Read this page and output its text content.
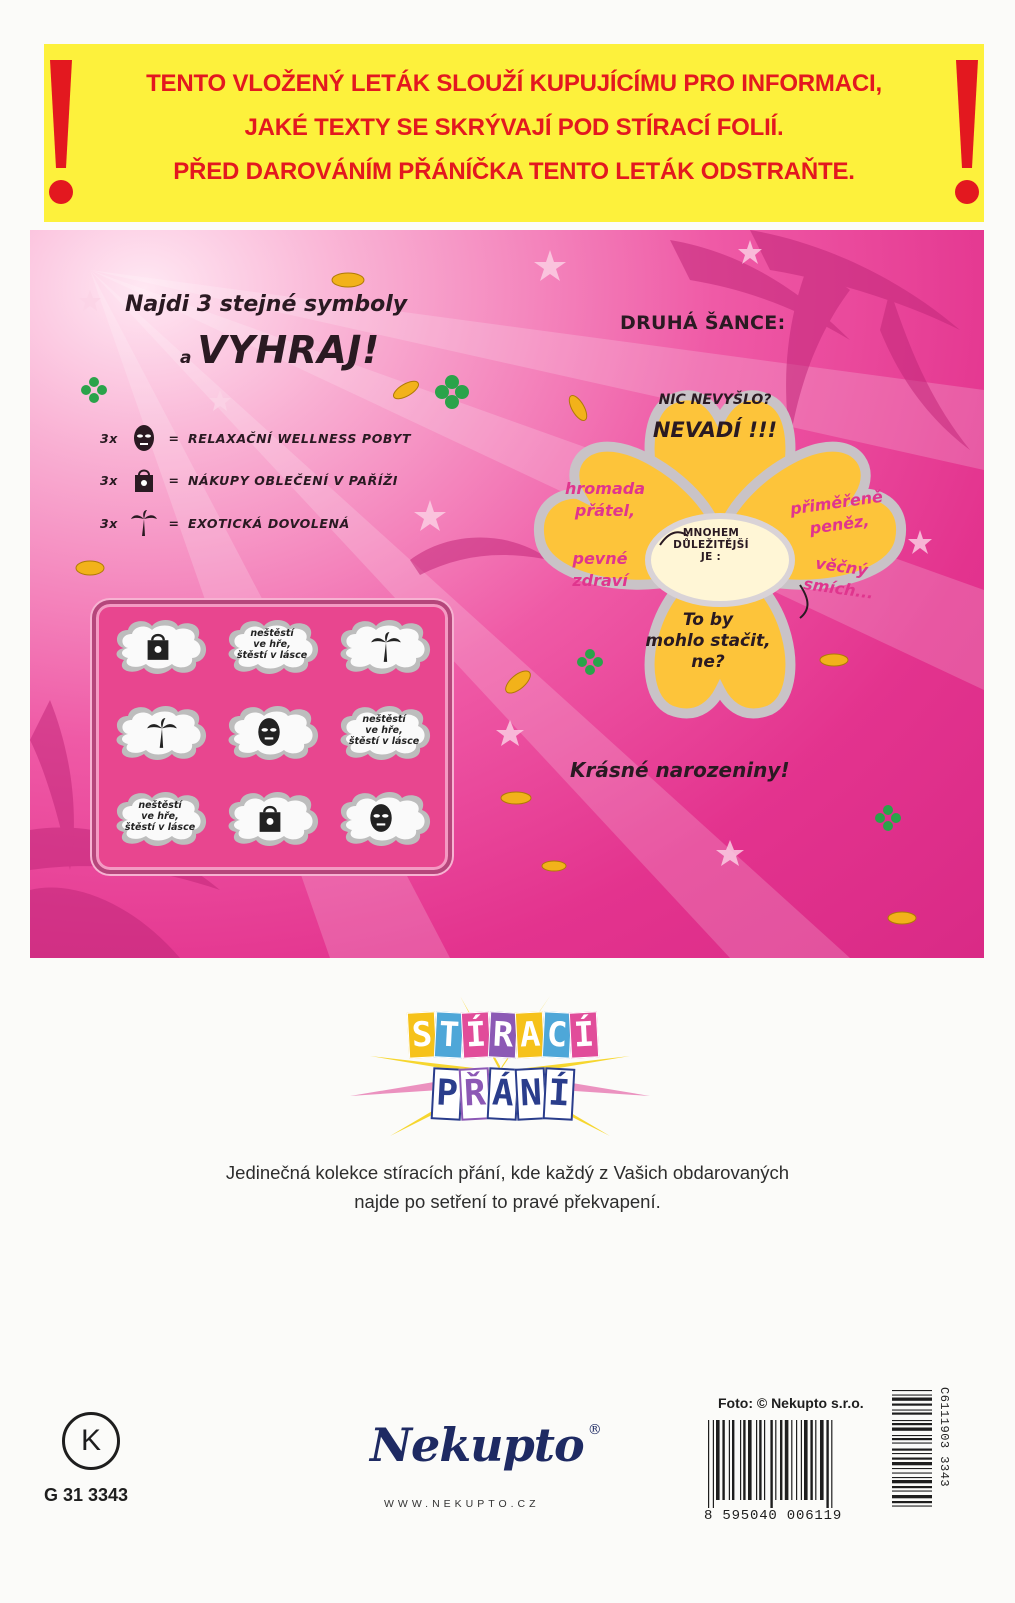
TENTO VLOŽENÝ LETÁK SLOUŽÍ KUPUJÍCÍMU PRO INFORMACI,
JAKÉ TEXTY SE SKRÝVAJÍ POD STÍRACÍ FOLIÍ.
PŘED DAROVÁNÍM PŘÁNÍČKA TENTO LETÁK ODSTRAŇTE.
Najdi 3 stejné symboly
a VYHRAJ!
3x	= RELAXAČNÍ WELLNESS POBYT
3x	= NÁKUPY OBLEČENÍ V PAŘÍŽI
3x	= EXOTICKÁ DOVOLENÁ
neštěstí
ve hře,
štěstí v lásce
neštěstí
ve hře,
štěstí v lásce
neštěstí
ve hře,
štěstí v lásce
DRUHÁ ŠANCE:
NIC NEVYŠLO?
NEVADÍ !!!
hromada
přátel,
pevné
zdraví
přiměřeně
peněz,
věčný
smích...
MNOHEM
DŮLEŽITĚJŠÍ
JE :
To by
mohlo stačit,
ne?
Krásné narozeniny!
S T Í R A C Í
P Ř Á N Í
Jedinečná kolekce stíracích přání, kde každý z Vašich obdarovaných
najde po setření to pravé překvapení.
K
G 31 3343
Nekupto ®
WWW.NEKUPTO.CZ
Foto: © Nekupto s.r.o.
8 595040 006119
C6111903 3343
